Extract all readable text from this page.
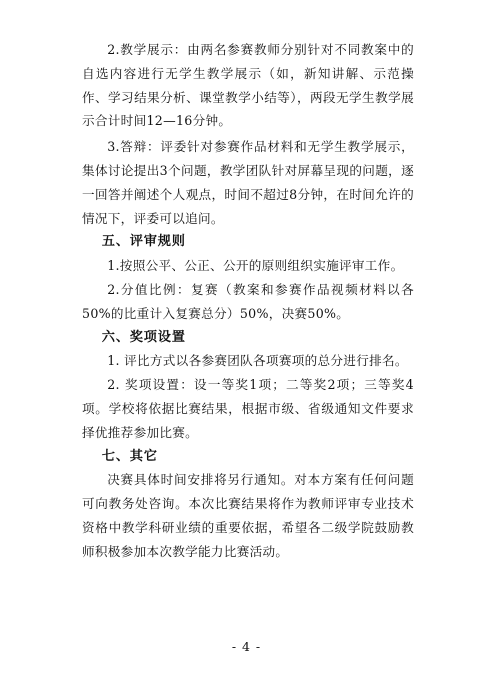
2.教学展示：由两名参赛教师分别针对不同教案中的自选内容进行无学生教学展示（如，新知讲解、示范操作、学习结果分析、课堂教学小结等），两段无学生教学展示合计时间12—16分钟。

3.答辩：评委针对参赛作品材料和无学生教学展示，集体讨论提出3个问题，教学团队针对屏幕呈现的问题，逐一回答并阐述个人观点，时间不超过8分钟，在时间允许的情况下，评委可以追问。

五、评审规则

1.按照公平、公正、公开的原则组织实施评审工作。

2.分值比例：复赛（教案和参赛作品视频材料以各50%的比重计入复赛总分）50%，决赛50%。

六、奖项设置

1. 评比方式以各参赛团队各项赛项的总分进行排名。

2. 奖项设置：设一等奖1项；二等奖2项；三等奖4项。学校将依据比赛结果，根据市级、省级通知文件要求择优推荐参加比赛。

七、其它

决赛具体时间安排将另行通知。对本方案有任何问题可向教务处咨询。本次比赛结果将作为教师评审专业技术资格中教学科研业绩的重要依据，希望各二级学院鼓励教师积极参加本次教学能力比赛活动。

- 4 -
